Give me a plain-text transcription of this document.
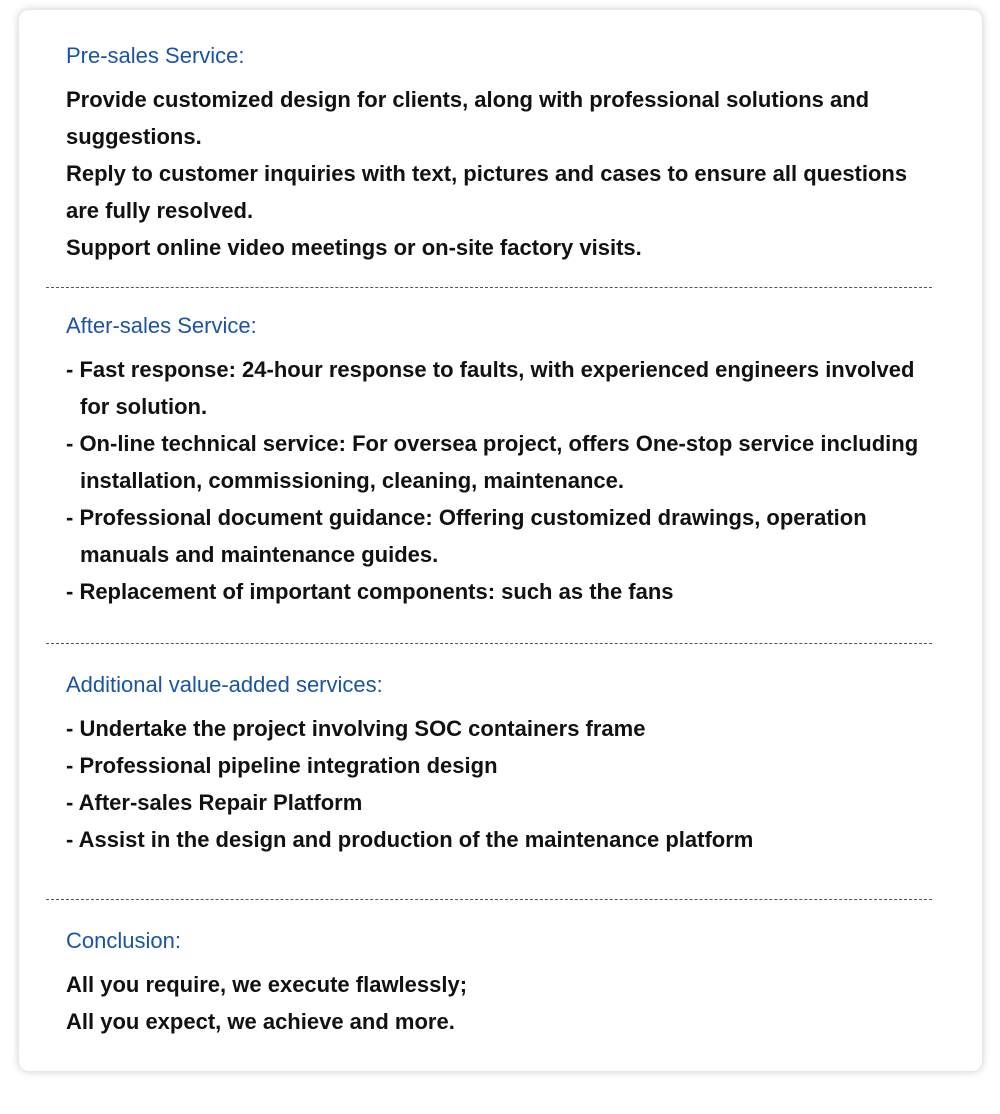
Pre-sales Service:
Provide customized design for clients, along with professional solutions and suggestions.
Reply to customer inquiries with text, pictures and cases to ensure all questions are fully resolved.
Support online video meetings or on-site factory visits.
After-sales Service:
- Fast response: 24-hour response to faults, with experienced engineers involved for solution.
- On-line technical service: For oversea project, offers One-stop service including installation, commissioning, cleaning, maintenance.
- Professional document guidance: Offering customized drawings, operation manuals and maintenance guides.
- Replacement of important components: such as the fans
Additional value-added services:
- Undertake the project involving SOC containers frame
- Professional pipeline integration design
- After-sales Repair Platform
- Assist in the design and production of the maintenance platform
Conclusion:
All you require, we execute flawlessly;
All you expect, we achieve and more.
